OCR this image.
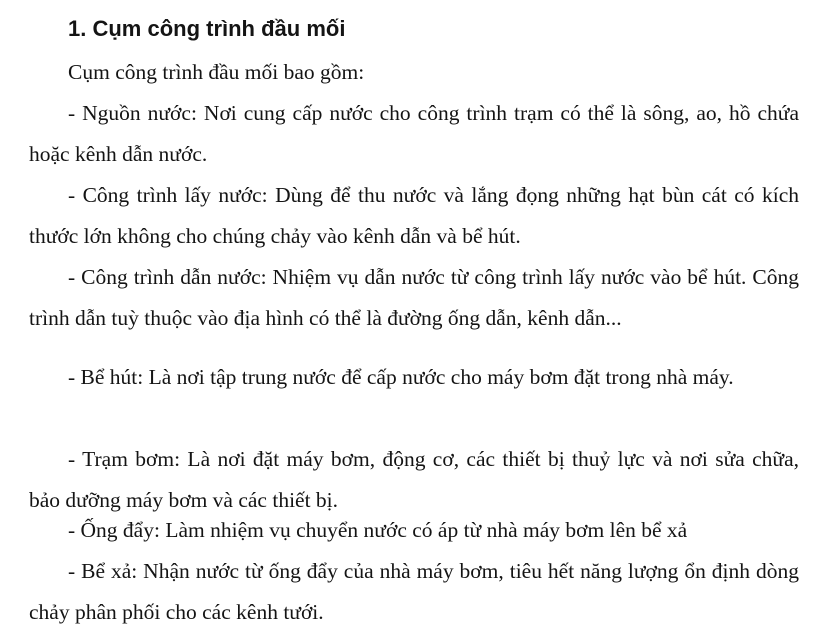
1. Cụm công trình đầu mối

Cụm công trình đầu mối bao gồm:

- Nguồn nước: Nơi cung cấp nước cho công trình trạm có thể là sông, ao, hồ chứa hoặc kênh dẫn nước.

- Công trình lấy nước: Dùng để thu nước và lắng đọng những hạt bùn cát có kích thước lớn không cho chúng chảy vào kênh dẫn và bể hút.

- Công trình dẫn nước: Nhiệm vụ dẫn nước từ công trình lấy nước vào bể hút. Công trình dẫn tuỳ thuộc vào địa hình có thể là đường ống dẫn, kênh dẫn...

- Bể hút: Là nơi tập trung nước để cấp nước cho máy bơm đặt trong nhà máy.

- Trạm bơm: Là nơi đặt máy bơm, động cơ, các thiết bị thuỷ lực và nơi sửa chữa, bảo dưỡng máy bơm và các thiết bị.

- Ống đẩy: Làm nhiệm vụ chuyển nước có áp từ nhà máy bơm lên bể xả

- Bể xả: Nhận nước từ ống đẩy của nhà máy bơm, tiêu hết năng lượng ổn định dòng chảy phân phối cho các kênh tưới.
